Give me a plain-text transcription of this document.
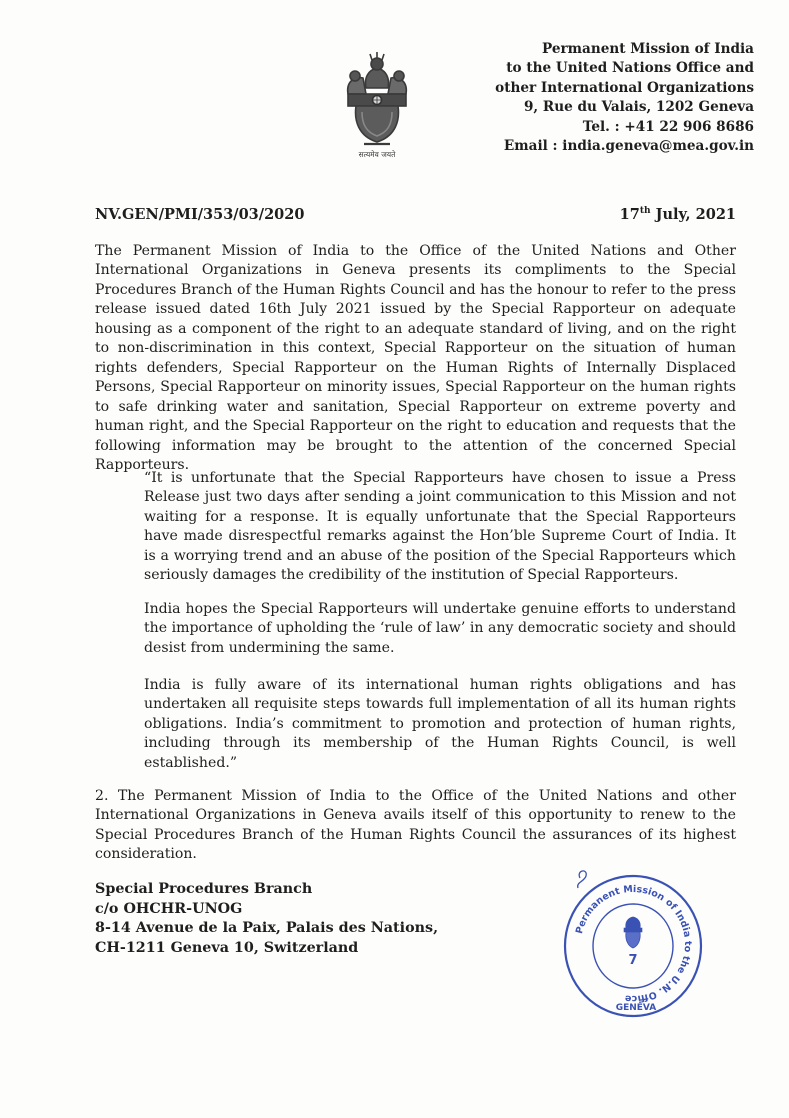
सत्यमेव जयते
Permanent Mission of India
to the United Nations Office and
other International Organizations
9, Rue du Valais, 1202 Geneva
Tel. : +41 22 906 8686
Email : india.geneva@mea.gov.in
NV.GEN/PMI/353/03/2020	17th July, 2021

The Permanent Mission of India to the Office of the United Nations and Other International Organizations in Geneva presents its compliments to the Special Procedures Branch of the Human Rights Council and has the honour to refer to the press release issued dated 16th July 2021 issued by the Special Rapporteur on adequate housing as a component of the right to an adequate standard of living, and on the right to non-discrimination in this context, Special Rapporteur on the situation of human rights defenders, Special Rapporteur on the Human Rights of Internally Displaced Persons, Special Rapporteur on minority issues, Special Rapporteur on the human rights to safe drinking water and sanitation, Special Rapporteur on extreme poverty and human right, and the Special Rapporteur on the right to education and requests that the following information may be brought to the attention of the concerned Special Rapporteurs.

“It is unfortunate that the Special Rapporteurs have chosen to issue a Press Release just two days after sending a joint communication to this Mission and not waiting for a response. It is equally unfortunate that the Special Rapporteurs have made disrespectful remarks against the Hon’ble Supreme Court of India. It is a worrying trend and an abuse of the position of the Special Rapporteurs which seriously damages the credibility of the institution of Special Rapporteurs.

India hopes the Special Rapporteurs will undertake genuine efforts to understand the importance of upholding the ‘rule of law’ in any democratic society and should desist from undermining the same.

India is fully aware of its international human rights obligations and has undertaken all requisite steps towards full implementation of all its human rights obligations. India’s commitment to promotion and protection of human rights, including through its membership of the Human Rights Council, is well established.”

2. The Permanent Mission of India to the Office of the United Nations and other International Organizations in Geneva avails itself of this opportunity to renew to the Special Procedures Branch of the Human Rights Council the assurances of its highest consideration.

Special Procedures Branch
c/o OHCHR-UNOG
8-14 Avenue de la Paix, Palais des Nations,
CH-1211 Geneva 10, Switzerland
Permanent Mission of India to the U.N. Office
7
GENEVA
